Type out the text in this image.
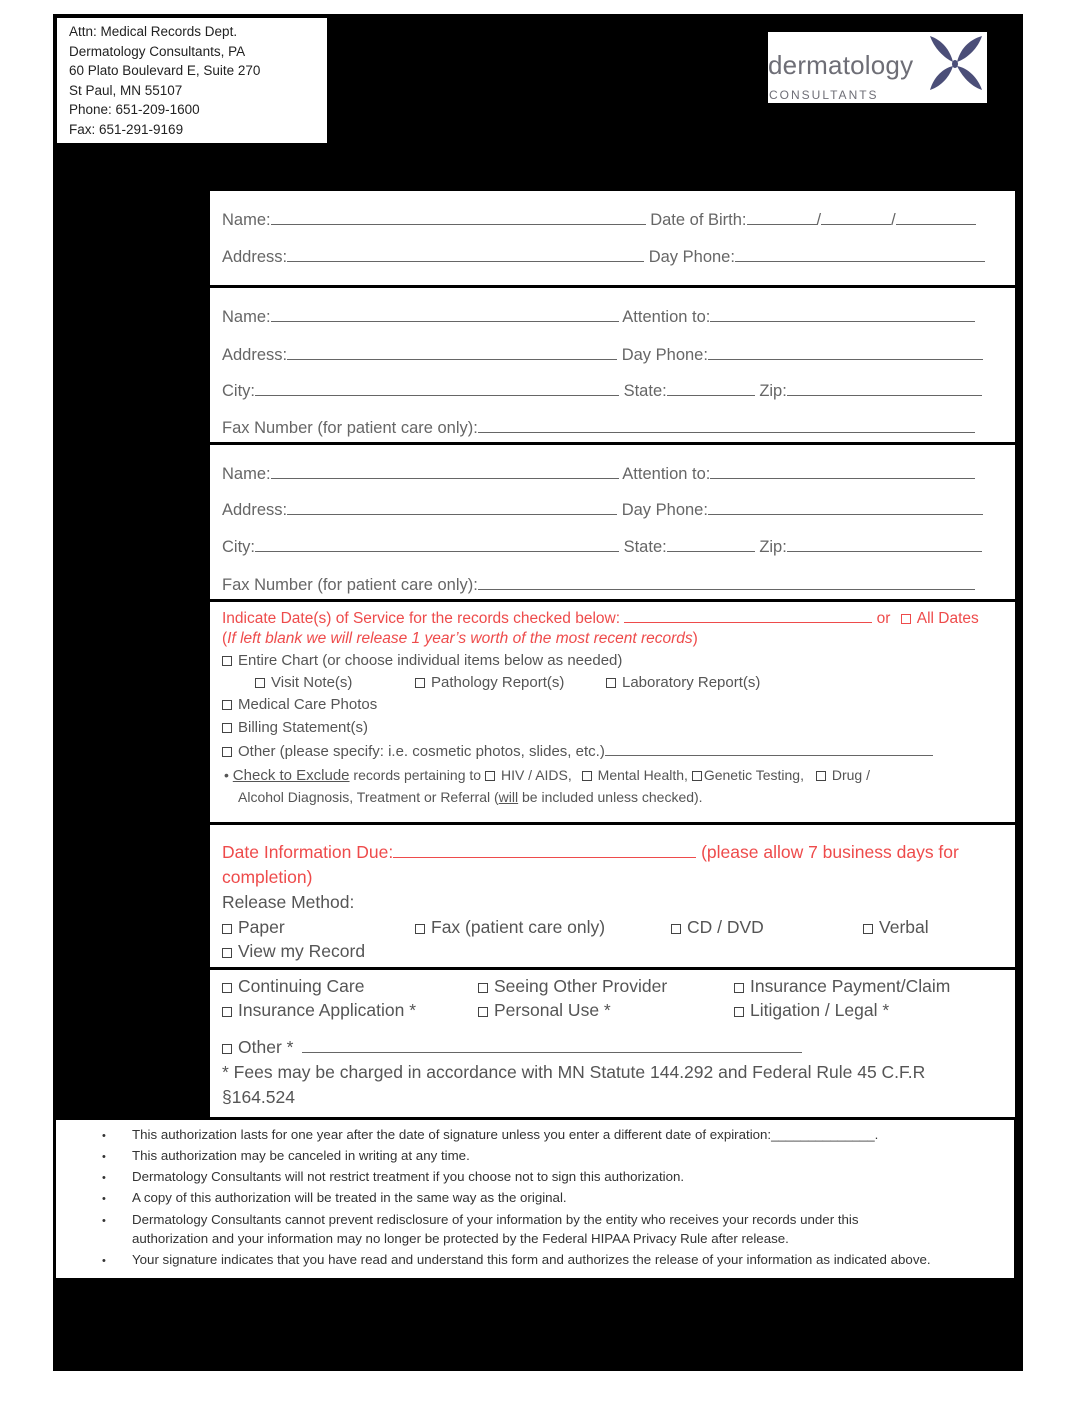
Attn: Medical Records Dept.
Dermatology Consultants, PA
60 Plato Boulevard E, Suite 270
St Paul, MN 55107
Phone: 651-209-1600
Fax: 651-291-9169
dermatology
CONSULTANTS
Name:	Date of Birth:	/	/
Address:	Day Phone:
Name:	Attention to:
Address:	Day Phone:
City:	State:	Zip:
Fax Number (for patient care only):
Name:	Attention to:
Address:	Day Phone:
City:	State:	Zip:
Fax Number (for patient care only):
Indicate Date(s) of Service for the records checked below:	or All Dates
(If left blank we will release 1 year’s worth of the most recent records)
Entire Chart (or choose individual items below as needed)
Visit Note(s)	Pathology Report(s)	Laboratory Report(s)
Medical Care Photos
Billing Statement(s)
Other (please specify: i.e. cosmetic photos, slides, etc.)
• Check to Exclude records pertaining to HIV / AIDS, Mental Health, Genetic Testing, Drug /
Alcohol Diagnosis, Treatment or Referral (will be included unless checked).
Date Information Due:	(please allow 7 business days for
completion)
Release Method:
Paper	Fax (patient care only)	CD / DVD	Verbal
View my Record
Continuing Care	Seeing Other Provider	Insurance Payment/Claim
Insurance Application *	Personal Use *	Litigation / Legal *
Other *
* Fees may be charged in accordance with MN Statute 144.292 and Federal Rule 45 C.F.R
§164.524
• This authorization lasts for one year after the date of signature unless you enter a different date of expiration:______________.
• This authorization may be canceled in writing at any time.
• Dermatology Consultants will not restrict treatment if you choose not to sign this authorization.
• A copy of this authorization will be treated in the same way as the original.
• Dermatology Consultants cannot prevent redisclosure of your information by the entity who receives your records under this
authorization and your information may no longer be protected by the Federal HIPAA Privacy Rule after release.
• Your signature indicates that you have read and understand this form and authorizes the release of your information as indicated above.
